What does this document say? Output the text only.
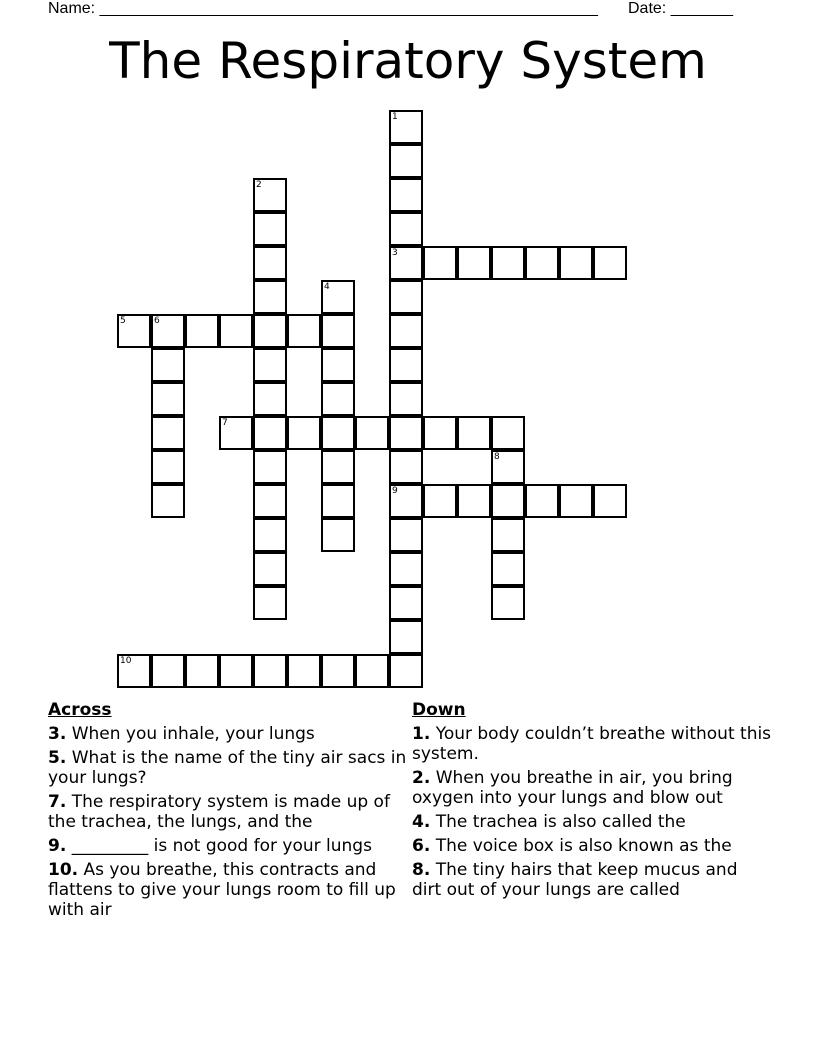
Name: ________________________________________________________ Date: _______
The Respiratory System
1
3
9
2
4
5	6
7
8
10
Across
3. When you inhale, your lungs
5. What is the name of the tiny air sacs in your lungs?
7. The respiratory system is made up of the trachea, the lungs, and the
9. _________ is not good for your lungs
10. As you breathe, this contracts and flattens to give your lungs room to fill up with air
Down
1. Your body couldn’t breathe without this system.
2. When you breathe in air, you bring oxygen into your lungs and blow out
4. The trachea is also called the
6. The voice box is also known as the
8. The tiny hairs that keep mucus and dirt out of your lungs are called
